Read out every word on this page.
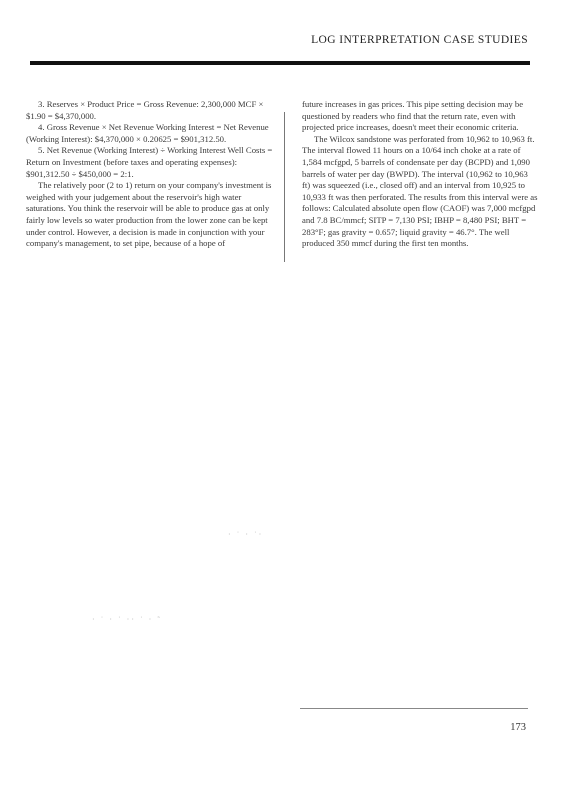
LOG INTERPRETATION CASE STUDIES

3. Reserves × Product Price = Gross Revenue: 2,300,000 MCF × $1.90 = $4,370,000.

4. Gross Revenue × Net Revenue Working Interest = Net Revenue (Working Interest): $4,370,000 × 0.20625 = $901,312.50.

5. Net Revenue (Working Interest) ÷ Working Interest Well Costs = Return on Investment (before taxes and operating expenses): $901,312.50 ÷ $450,000 = 2:1.

The relatively poor (2 to 1) return on your company's investment is weighed with your judgement about the reservoir's high water saturations. You think the reservoir will be able to produce gas at only fairly low levels so water production from the lower zone can be kept under control. However, a decision is made in conjunction with your company's management, to set pipe, because of a hope of

future increases in gas prices. This pipe setting decision may be questioned by readers who find that the return rate, even with projected price increases, doesn't meet their economic criteria.

The Wilcox sandstone was perforated from 10,962 to 10,963 ft. The interval flowed 11 hours on a 10/64 inch choke at a rate of 1,584 mcfgpd, 5 barrels of condensate per day (BCPD) and 1,090 barrels of water per day (BWPD). The interval (10,962 to 10,963 ft) was squeezed (i.e., closed off) and an interval from 10,925 to 10,933 ft was then perforated. The results from this interval were as follows: Calculated absolute open flow (CAOF) was 7,000 mcfgpd and 7.8 BC/mmcf; SITP = 7,130 PSI; IBHP = 8,480 PSI; BHT = 283°F; gas gravity = 0.657; liquid gravity = 46.7°. The well produced 350 mmcf during the first ten months.

· ˙ · ˙·
· ˙ · ˙ ·· ˙ · ˜
173
